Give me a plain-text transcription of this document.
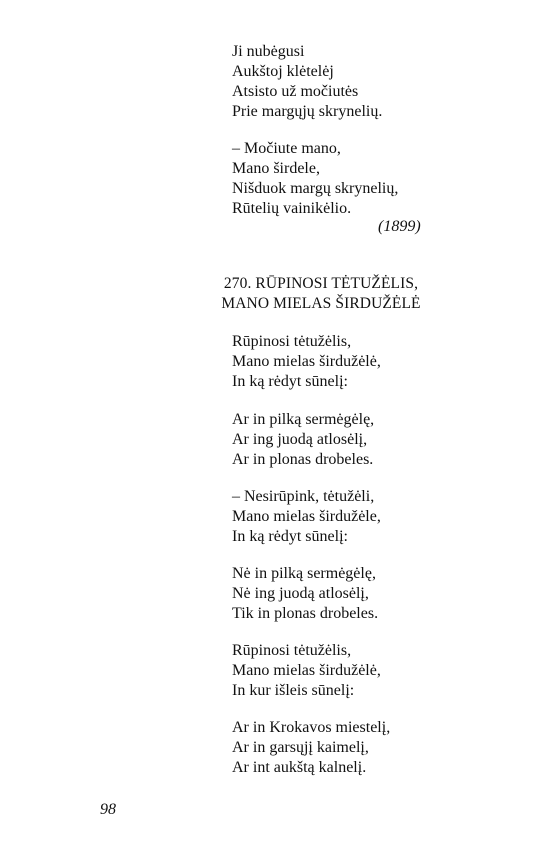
Ji nubėgusi

Aukštoj klėtelėj

Atsisto už močiutės

Prie margųjų skrynelių.

– Močiute mano,

Mano širdele,

Nišduok margų skrynelių,

Rūtelių vainikėlio.

(1899)
270. RŪPINOSI TĖTUŽĖLIS,
MANO MIELAS ŠIRDUŽĖLĖ

Rūpinosi tėtužėlis,

Mano mielas širdužėlė,

In ką rėdyt sūnelį:

Ar in pilką sermėgėlę,

Ar ing juodą atlosėlį,

Ar in plonas drobeles.

– Nesirūpink, tėtužėli,

Mano mielas širdužėle,

In ką rėdyt sūnelį:

Nė in pilką sermėgėlę,

Nė ing juodą atlosėlį,

Tik in plonas drobeles.

Rūpinosi tėtužėlis,

Mano mielas širdužėlė,

In kur išleis sūnelį:

Ar in Krokavos miestelį,

Ar in garsųjį kaimelį,

Ar int aukštą kalnelį.

98
